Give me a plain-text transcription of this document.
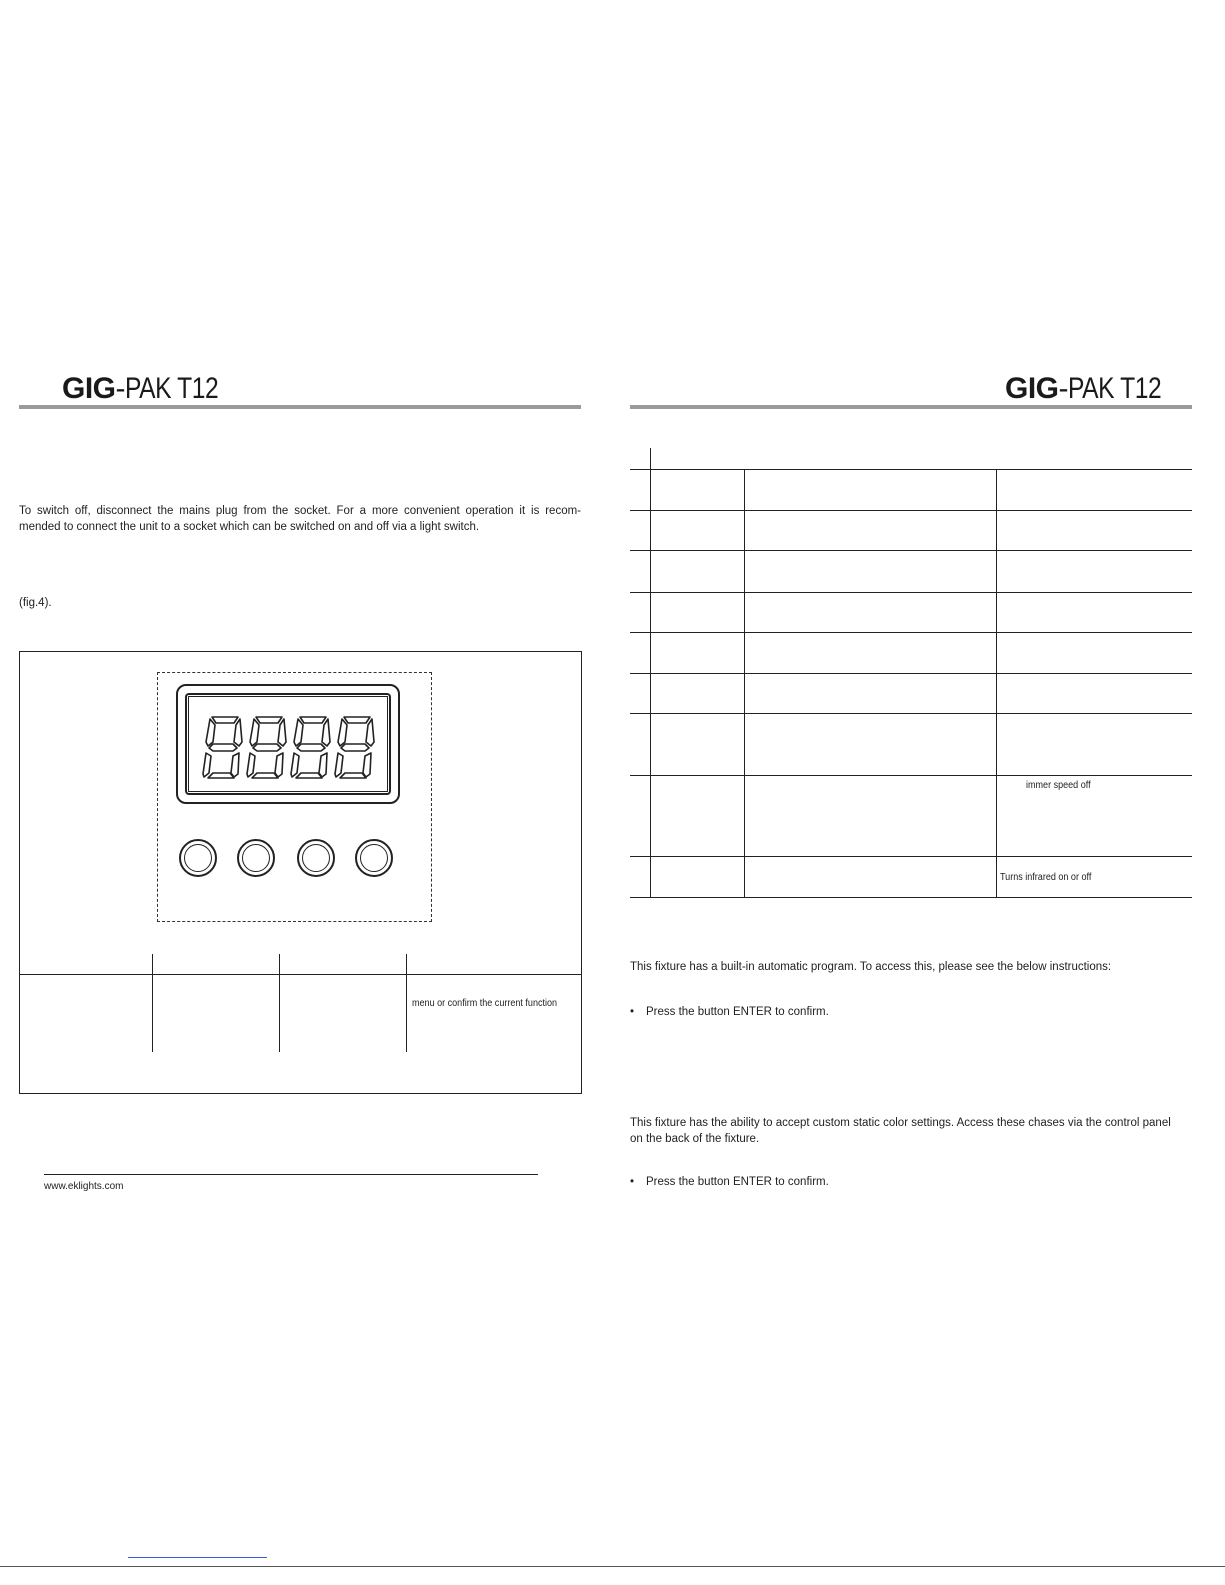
GIG-PAK T12
To switch off, disconnect the mains plug from the socket. For a more convenient operation it is recom-
mended to connect the unit to a socket which can be switched on and off via a light switch.
(fig.4).
menu or confirm the current function
www.eklights.com
GIG-PAK T12
immer speed off
Turns infrared on or off
This fixture has a built-in automatic program. To access this, please see the below instructions:
• Press the button ENTER to confirm.
This fixture has the ability to accept custom static color settings. Access these chases via the control panel
on the back of the fixture.
• Press the button ENTER to confirm.
